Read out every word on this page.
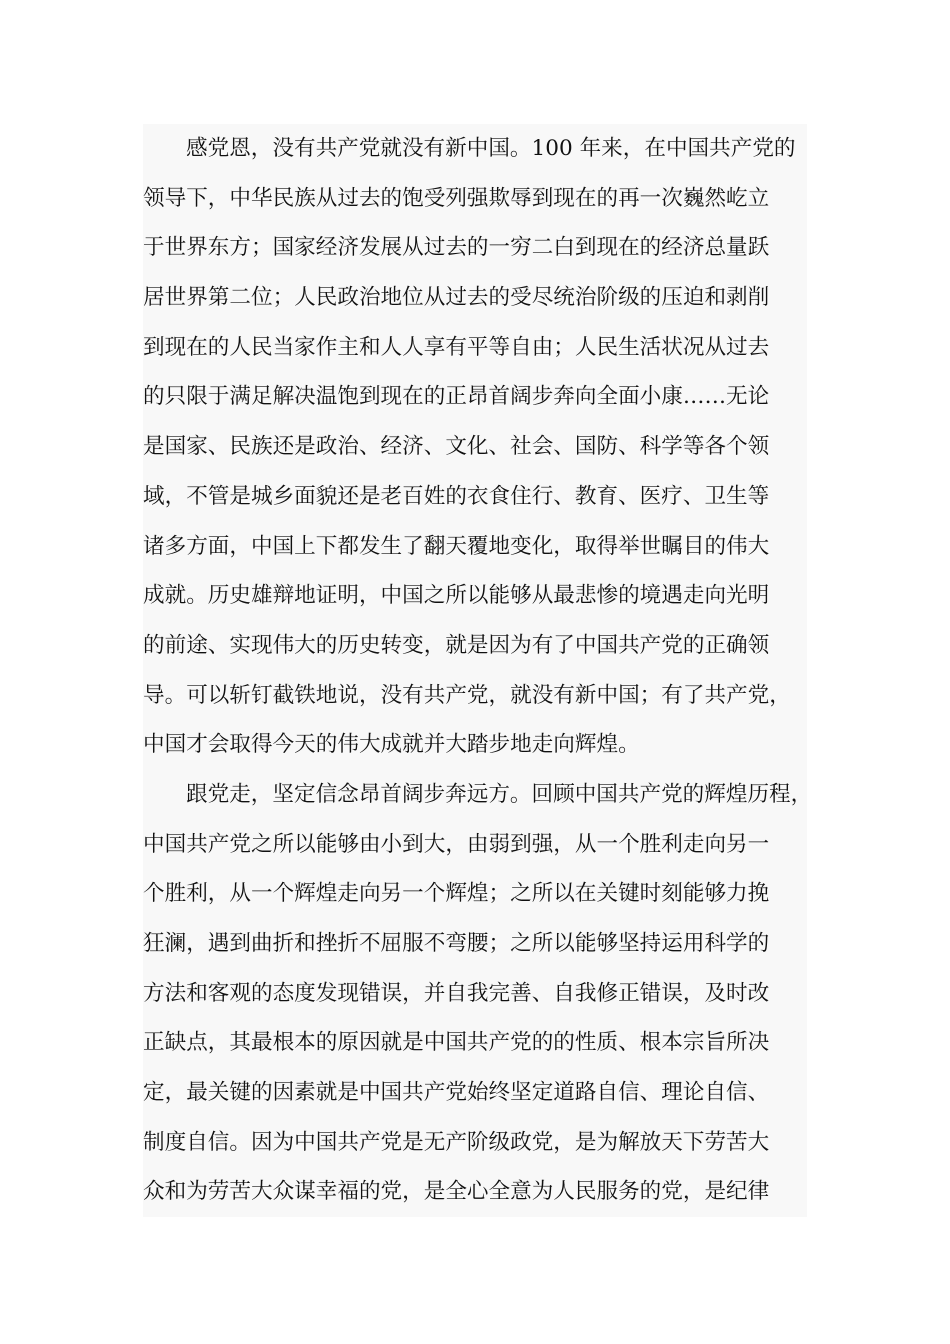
感党恩，没有共产党就没有新中国。100 年来，在中国共产党的
领导下，中华民族从过去的饱受列强欺辱到现在的再一次巍然屹立
于世界东方；国家经济发展从过去的一穷二白到现在的经济总量跃
居世界第二位；人民政治地位从过去的受尽统治阶级的压迫和剥削
到现在的人民当家作主和人人享有平等自由；人民生活状况从过去
的只限于满足解决温饱到现在的正昂首阔步奔向全面小康……无论
是国家、民族还是政治、经济、文化、社会、国防、科学等各个领
域，不管是城乡面貌还是老百姓的衣食住行、教育、医疗、卫生等
诸多方面，中国上下都发生了翻天覆地变化，取得举世瞩目的伟大
成就。历史雄辩地证明，中国之所以能够从最悲惨的境遇走向光明
的前途、实现伟大的历史转变，就是因为有了中国共产党的正确领
导。可以斩钉截铁地说，没有共产党，就没有新中国；有了共产党，
中国才会取得今天的伟大成就并大踏步地走向辉煌。
跟党走，坚定信念昂首阔步奔远方。回顾中国共产党的辉煌历程，
中国共产党之所以能够由小到大，由弱到强，从一个胜利走向另一
个胜利，从一个辉煌走向另一个辉煌；之所以在关键时刻能够力挽
狂澜，遇到曲折和挫折不屈服不弯腰；之所以能够坚持运用科学的
方法和客观的态度发现错误，并自我完善、自我修正错误，及时改
正缺点，其最根本的原因就是中国共产党的的性质、根本宗旨所决
定，最关键的因素就是中国共产党始终坚定道路自信、理论自信、
制度自信。因为中国共产党是无产阶级政党，是为解放天下劳苦大
众和为劳苦大众谋幸福的党，是全心全意为人民服务的党，是纪律
